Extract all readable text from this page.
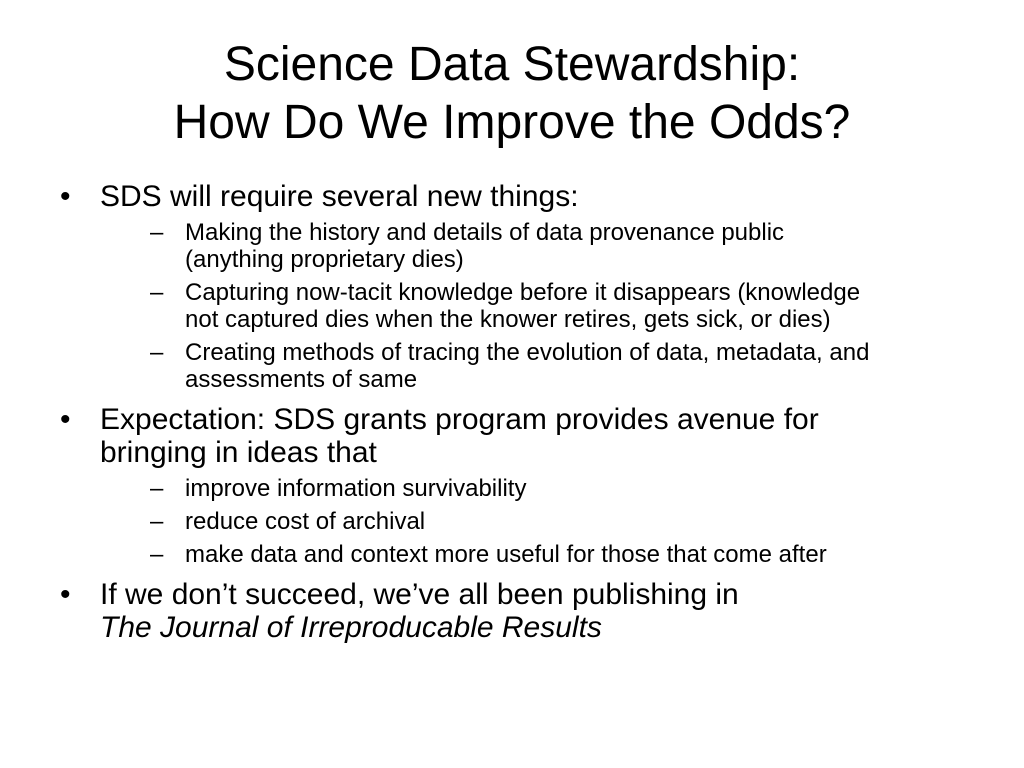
Science Data Stewardship:
How Do We Improve the Odds?
• SDS will require several new things:
– Making the history and details of data provenance public
(anything proprietary dies)
– Capturing now-tacit knowledge before it disappears (knowledge
not captured dies when the knower retires, gets sick, or dies)
– Creating methods of tracing the evolution of data, metadata, and
assessments of same
• Expectation: SDS grants program provides avenue for
bringing in ideas that
– improve information survivability
– reduce cost of archival
– make data and context more useful for those that come after
• If we don’t succeed, we’ve all been publishing in
The Journal of Irreproducable Results
